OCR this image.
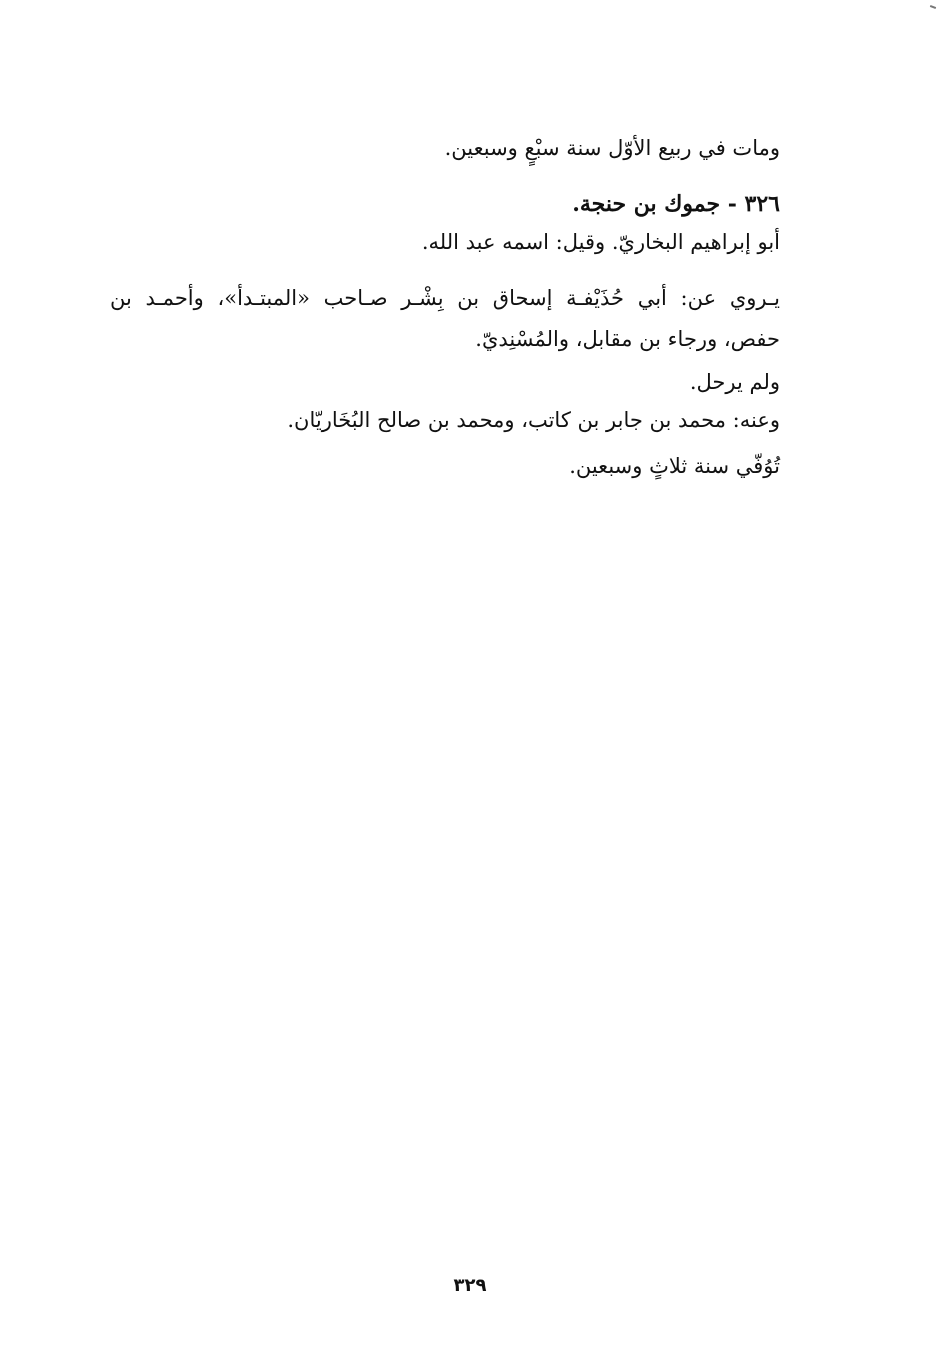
ومات في ربيع الأوّل سنة سبْعٍ وسبعين.
٣٢٦ - جموك بن حنجة.
أبو إبراهيم البخاريّ. وقيل: اسمه عبد الله.
يـروي عن: أبي حُذَيْفـة إسحاق بن بِشْـر صـاحب «المبتـدأ»، وأحمـد بن
حفص، ورجاء بن مقابل، والمُسْنِديّ.
ولم يرحل.
وعنه: محمد بن جابر بن كاتب، ومحمد بن صالح البُخَاريّان.
تُوُفّي سنة ثلاثٍ وسبعين.
٣٢٩
